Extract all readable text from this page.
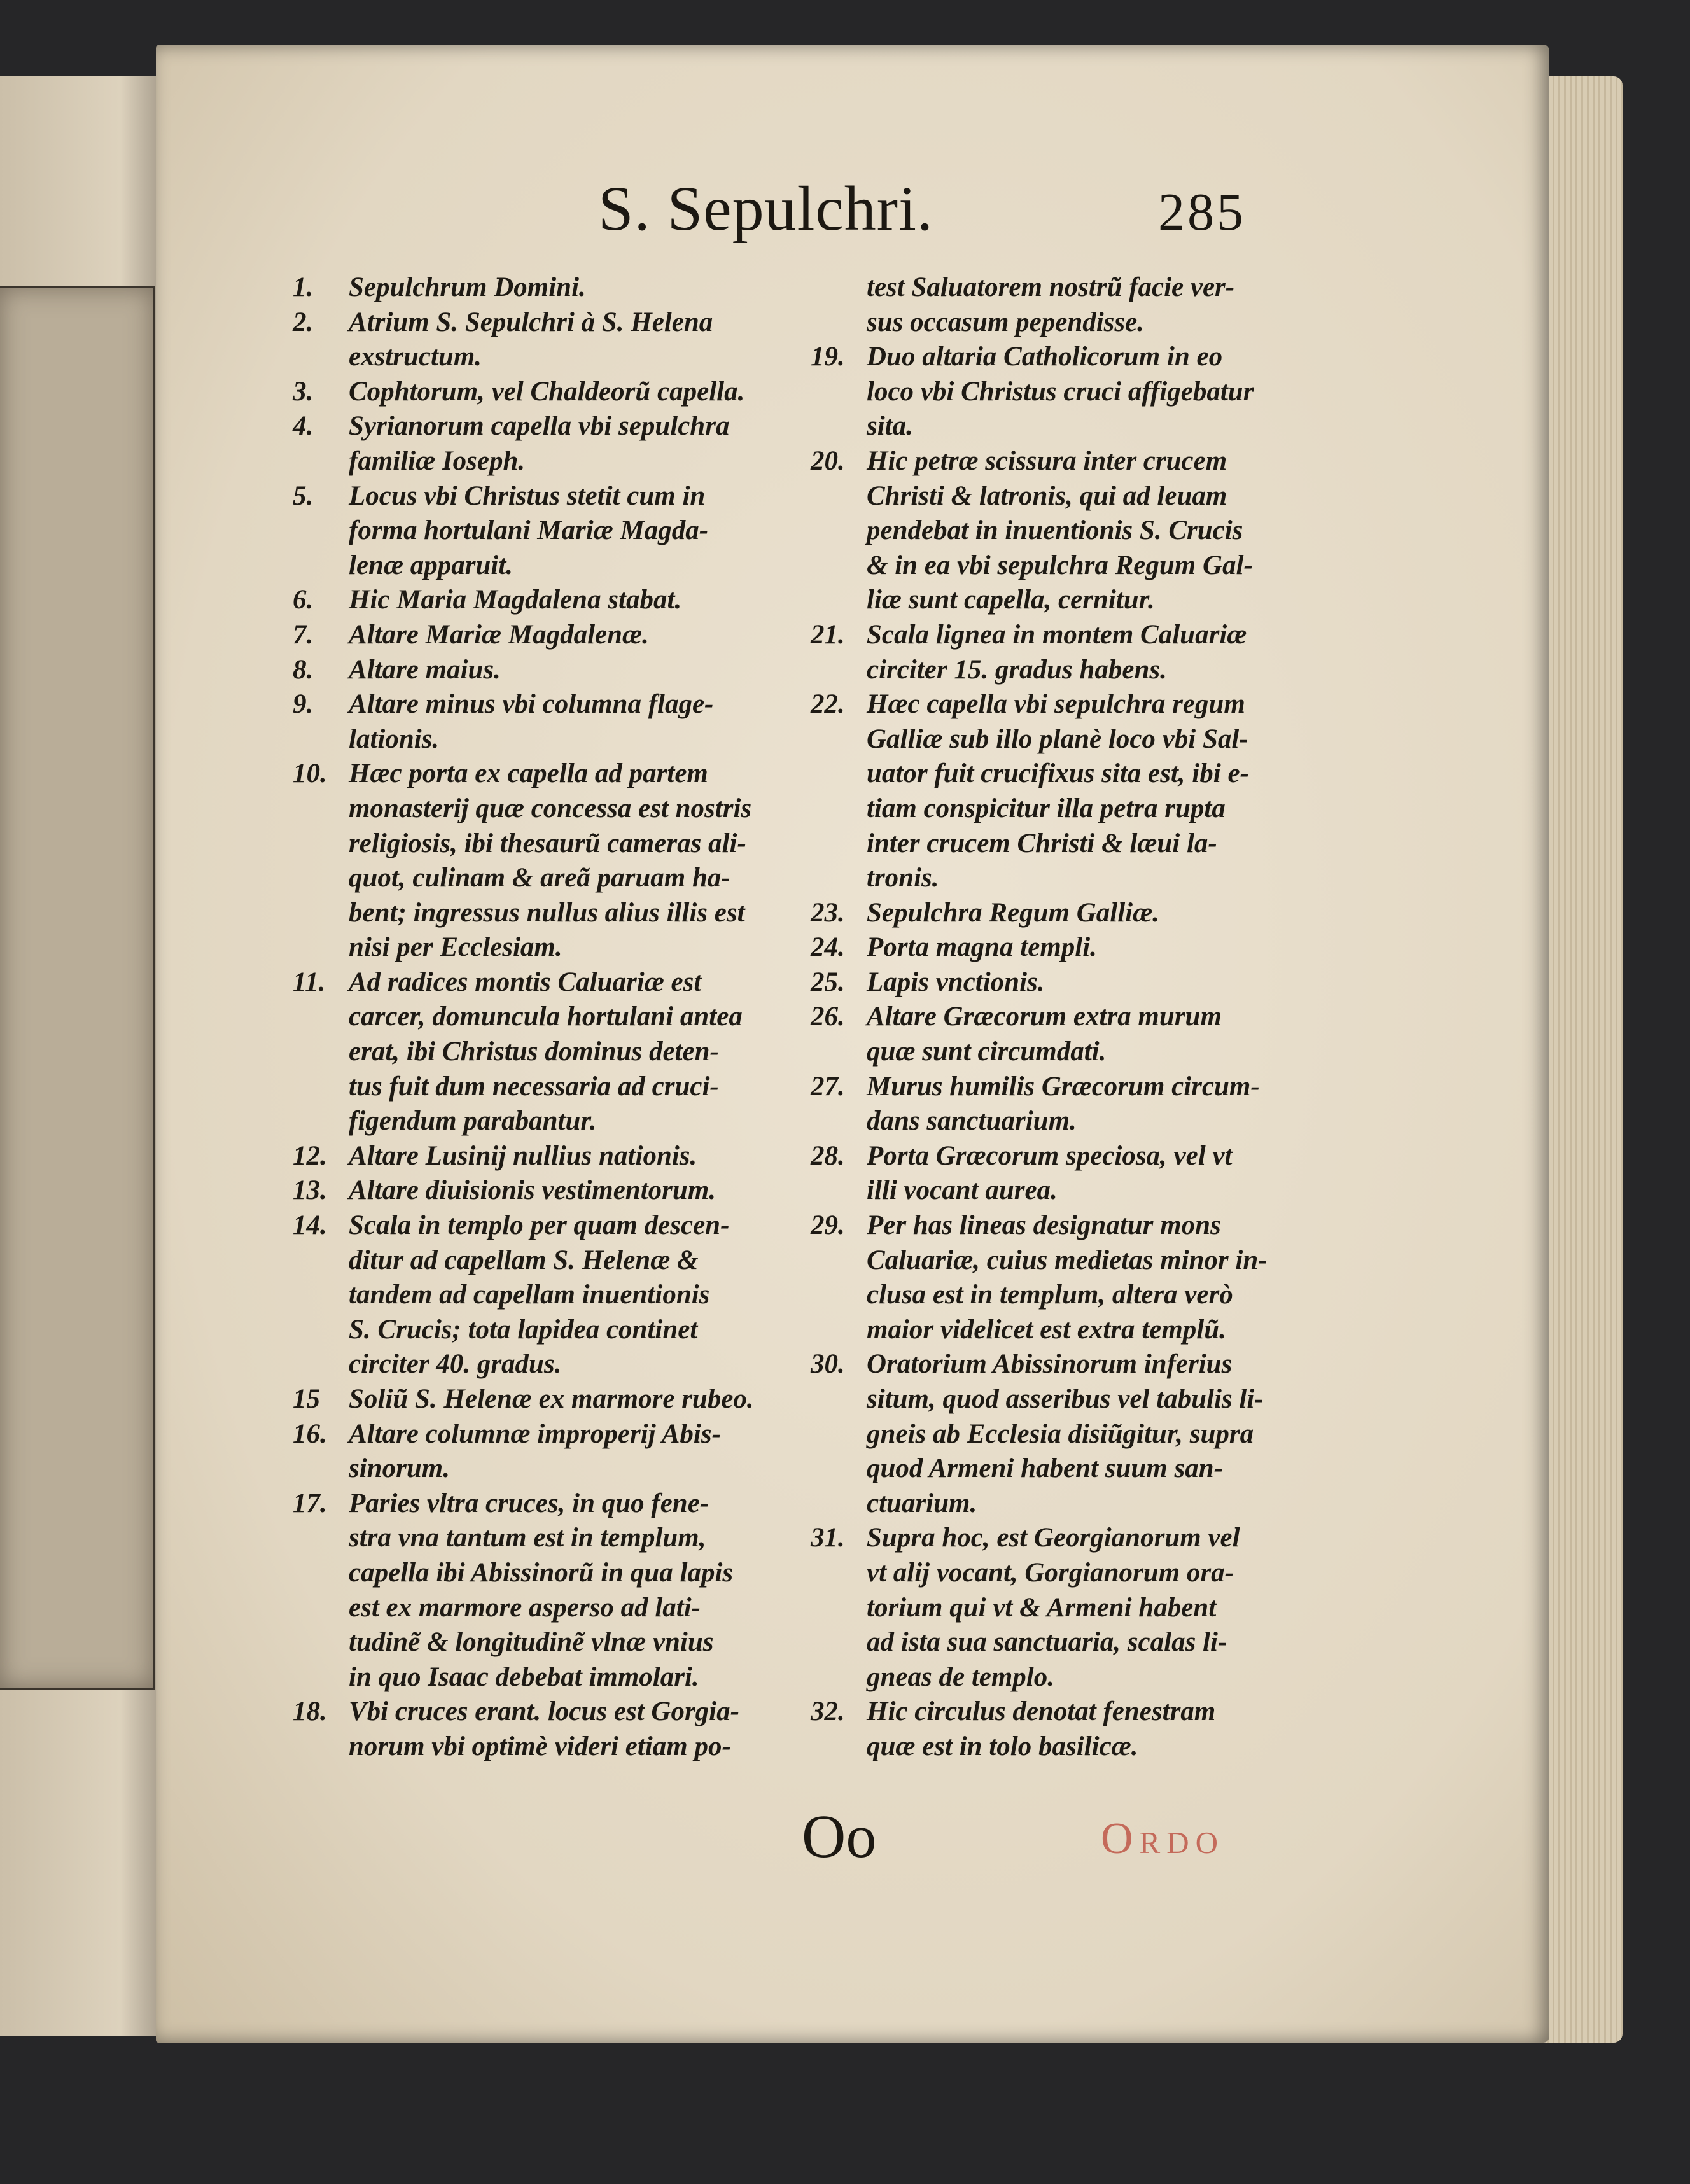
S. Sepulchri.	285
1. Sepulchrum Domini.
2. Atrium S. Sepulchri à S. Helena
exstructum.
3. Cophtorum, vel Chaldeorũ capella.
4. Syrianorum capella vbi sepulchra
familiæ Ioseph.
5. Locus vbi Christus stetit cum in
forma hortulani Mariæ Magda-
lenæ apparuit.
6. Hic Maria Magdalena stabat.
7. Altare Mariæ Magdalenæ.
8. Altare maius.
9. Altare minus vbi columna flage-
lationis.
10. Hæc porta ex capella ad partem
monasterij quæ concessa est nostris
religiosis, ibi thesaurũ cameras ali-
quot, culinam & areã paruam ha-
bent; ingressus nullus alius illis est
nisi per Ecclesiam.
11. Ad radices montis Caluariæ est
carcer, domuncula hortulani antea
erat, ibi Christus dominus deten-
tus fuit dum necessaria ad cruci-
figendum parabantur.
12. Altare Lusinij nullius nationis.
13. Altare diuisionis vestimentorum.
14. Scala in templo per quam descen-
ditur ad capellam S. Helenæ &
tandem ad capellam inuentionis
S. Crucis; tota lapidea continet
circiter 40. gradus.
15 Soliũ S. Helenæ ex marmore rubeo.
16. Altare columnæ improperij Abis-
sinorum.
17. Paries vltra cruces, in quo fene-
stra vna tantum est in templum,
capella ibi Abissinorũ in qua lapis
est ex marmore asperso ad lati-
tudinẽ & longitudinẽ vlnæ vnius
in quo Isaac debebat immolari.
18. Vbi cruces erant. locus est Gorgia-
norum vbi optimè videri etiam po-
test Saluatorem nostrũ facie ver-
sus occasum pependisse.
19. Duo altaria Catholicorum in eo
loco vbi Christus cruci affigebatur
sita.
20. Hic petræ scissura inter crucem
Christi & latronis, qui ad leuam
pendebat in inuentionis S. Crucis
& in ea vbi sepulchra Regum Gal-
liæ sunt capella, cernitur.
21. Scala lignea in montem Caluariæ
circiter 15. gradus habens.
22. Hæc capella vbi sepulchra regum
Galliæ sub illo planè loco vbi Sal-
uator fuit crucifixus sita est, ibi e-
tiam conspicitur illa petra rupta
inter crucem Christi & læui la-
tronis.
23. Sepulchra Regum Galliæ.
24. Porta magna templi.
25. Lapis vnctionis.
26. Altare Græcorum extra murum
quæ sunt circumdati.
27. Murus humilis Græcorum circum-
dans sanctuarium.
28. Porta Græcorum speciosa, vel vt
illi vocant aurea.
29. Per has lineas designatur mons
Caluariæ, cuius medietas minor in-
clusa est in templum, altera verò
maior videlicet est extra templũ.
30. Oratorium Abissinorum inferius
situm, quod asseribus vel tabulis li-
gneis ab Ecclesia disiũgitur, supra
quod Armeni habent suum san-
ctuarium.
31. Supra hoc, est Georgianorum vel
vt alij vocant, Gorgianorum ora-
torium qui vt & Armeni habent
ad ista sua sanctuaria, scalas li-
gneas de templo.
32. Hic circulus denotat fenestram
quæ est in tolo basilicæ.
Oo	Ordo
